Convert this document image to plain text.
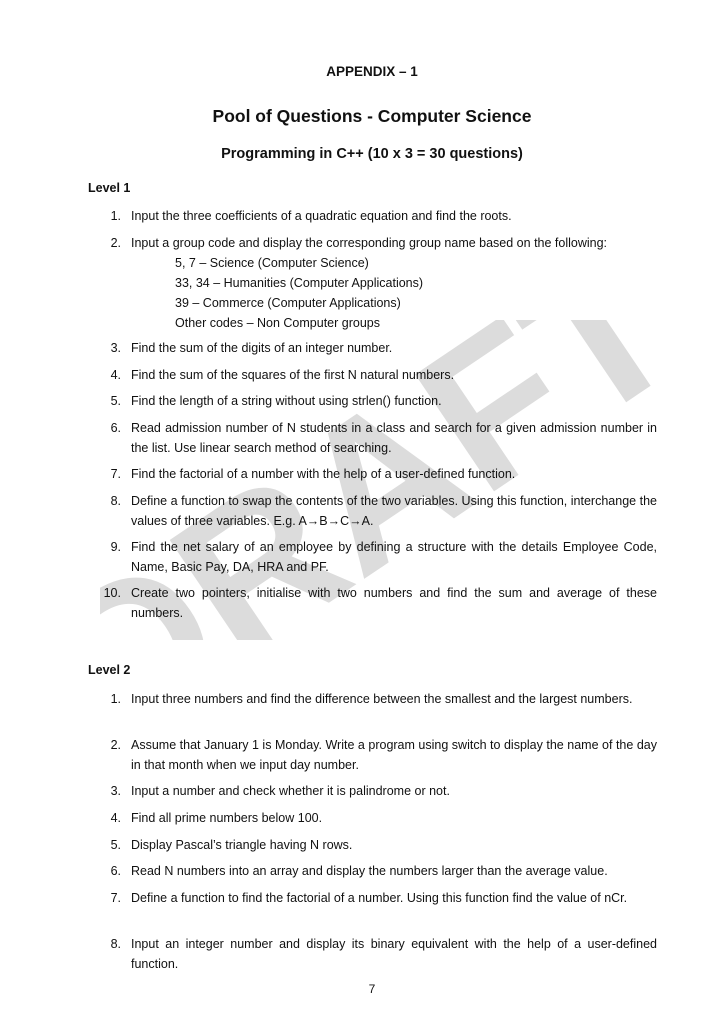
DRAFT
APPENDIX – 1
Pool of Questions - Computer Science
Programming in C++ (10 x 3 = 30 questions)
Level 1
1. Input the three coefficients of a quadratic equation and find the roots.
2. Input a group code and display the corresponding group name based on the following:
5, 7 – Science (Computer Science)
33, 34 – Humanities (Computer Applications)
39 – Commerce (Computer Applications)
Other codes – Non Computer groups
3. Find the sum of the digits of an integer number.
4. Find the sum of the squares of the first N natural numbers.
5. Find the length of a string without using strlen() function.
6. Read admission number of N students in a class and search for a given admission number in the list. Use linear search method of searching.
7. Find the factorial of a number with the help of a user-defined function.
8. Define a function to swap the contents of the two variables. Using this function, interchange the values of three variables. E.g. A→B→C→A.
9. Find the net salary of an employee by defining a structure with the details Employee Code, Name, Basic Pay, DA, HRA and PF.
10. Create two pointers, initialise with two numbers and find the sum and average of these numbers.
Level 2
1. Input three numbers and find the difference between the smallest and the largest numbers.
2. Assume that January 1 is Monday. Write a program using switch to display the name of the day in that month when we input day number.
3. Input a number and check whether it is palindrome or not.
4. Find all prime numbers below 100.
5. Display Pascal’s triangle having N rows.
6. Read N numbers into an array and display the numbers larger than the average value.
7. Define a function to find the factorial of a number. Using this function find the value of nCr.
8. Input an integer number and display its binary equivalent with the help of a user-defined function.
7
